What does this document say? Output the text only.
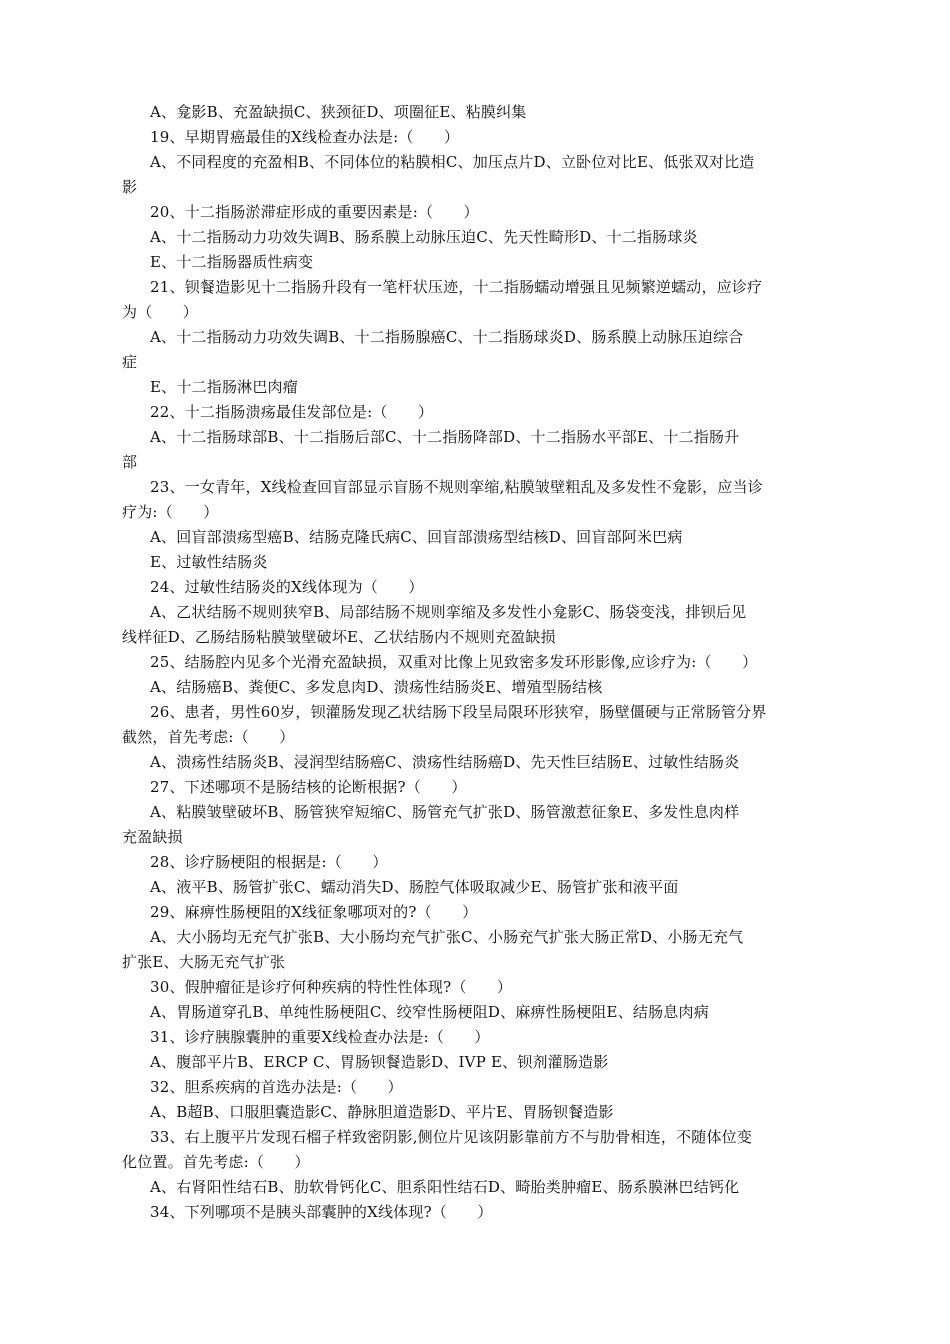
A、龛影B、充盈缺损C、狭颈征D、项圈征E、粘膜纠集
19、早期胃癌最佳的X线检查办法是:（　　）
A、不同程度的充盈相B、不同体位的粘膜相C、加压点片D、立卧位对比E、低张双对比造
影
20、十二指肠淤滞症形成的重要因素是:（　　）
A、十二指肠动力功效失调B、肠系膜上动脉压迫C、先天性畸形D、十二指肠球炎
E、十二指肠器质性病变
21、钡餐造影见十二指肠升段有一笔杆状压迹，十二指肠蠕动增强且见频繁逆蠕动，应诊疗
为（　　）
A、十二指肠动力功效失调B、十二指肠腺癌C、十二指肠球炎D、肠系膜上动脉压迫综合
症
E、十二指肠淋巴肉瘤
22、十二指肠溃疡最佳发部位是:（　　）
A、十二指肠球部B、十二指肠后部C、十二指肠降部D、十二指肠水平部E、十二指肠升
部
23、一女青年，X线检查回盲部显示盲肠不规则挛缩,粘膜皱壁粗乱及多发性不龛影，应当诊
疗为:（　　）
A、回盲部溃疡型癌B、结肠克隆氏病C、回盲部溃疡型结核D、回盲部阿米巴病
E、过敏性结肠炎
24、过敏性结肠炎的X线体现为（　　）
A、乙状结肠不规则狭窄B、局部结肠不规则挛缩及多发性小龛影C、肠袋变浅，排钡后见
线样征D、乙肠结肠粘膜皱壁破坏E、乙状结肠内不规则充盈缺损
25、结肠腔内见多个光滑充盈缺损，双重对比像上见致密多发环形影像,应诊疗为:（　　）
A、结肠癌B、粪便C、多发息肉D、溃疡性结肠炎E、增殖型肠结核
26、患者，男性60岁，钡灌肠发现乙状结肠下段呈局限环形狭窄，肠壁僵硬与正常肠管分界
截然，首先考虑:（　　）
A、溃疡性结肠炎B、浸润型结肠癌C、溃疡性结肠癌D、先天性巨结肠E、过敏性结肠炎
27、下述哪项不是肠结核的论断根据?（　　）
A、粘膜皱壁破坏B、肠管狭窄短缩C、肠管充气扩张D、肠管激惹征象E、多发性息肉样
充盈缺损
28、诊疗肠梗阻的根据是:（　　）
A、液平B、肠管扩张C、蠕动消失D、肠腔气体吸取减少E、肠管扩张和液平面
29、麻痹性肠梗阻的X线征象哪项对的?（　　）
A、大小肠均无充气扩张B、大小肠均充气扩张C、小肠充气扩张大肠正常D、小肠无充气
扩张E、大肠无充气扩张
30、假肿瘤征是诊疗何种疾病的特性性体现?（　　）
A、胃肠道穿孔B、单纯性肠梗阻C、绞窄性肠梗阻D、麻痹性肠梗阻E、结肠息肉病
31、诊疗胰腺囊肿的重要X线检查办法是:（　　）
A、腹部平片B、ERCP C、胃肠钡餐造影D、IVP E、钡剂灌肠造影
32、胆系疾病的首选办法是:（　　）
A、B超B、口服胆囊造影C、静脉胆道造影D、平片E、胃肠钡餐造影
33、右上腹平片发现石榴子样致密阴影,侧位片见该阴影靠前方不与肋骨相连，不随体位变
化位置。首先考虑:（　　）
A、右肾阳性结石B、肋软骨钙化C、胆系阳性结石D、畸胎类肿瘤E、肠系膜淋巴结钙化
34、下列哪项不是胰头部囊肿的X线体现?（　　）
